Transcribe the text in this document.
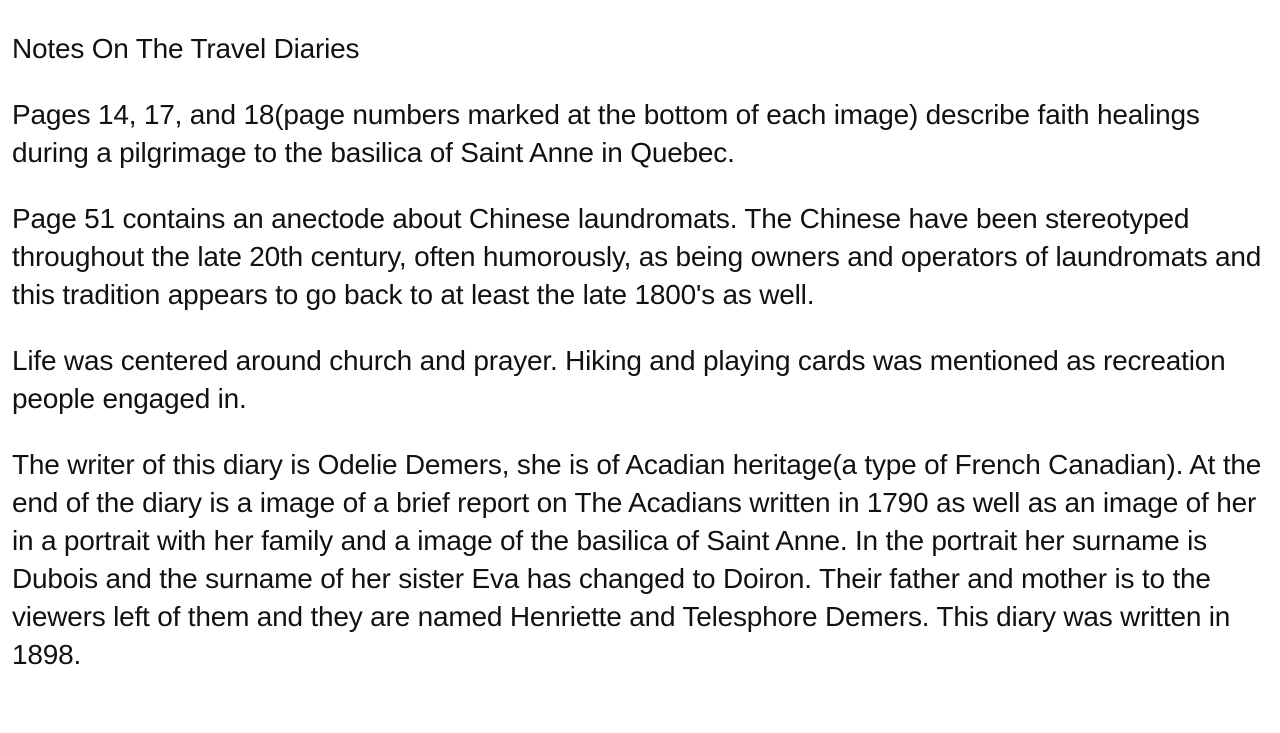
Notes On The Travel Diaries

Pages 14, 17, and 18(page numbers marked at the bottom of each image) describe faith healings during a pilgrimage to the basilica of Saint Anne in Quebec.

Page 51 contains an anectode about Chinese laundromats. The Chinese have been stereotyped throughout the late 20th century, often humorously, as being owners and operators of laundromats and this tradition appears to go back to at least the late 1800's as well.

Life was centered around church and prayer. Hiking and playing cards was mentioned as recreation people engaged in.

The writer of this diary is Odelie Demers, she is of Acadian heritage(a type of French Canadian). At the end of the diary is a image of a brief report on The Acadians written in 1790 as well as an image of her in a portrait with her family and a image of the basilica of Saint Anne. In the portrait her surname is Dubois and the surname of her sister Eva has changed to Doiron. Their father and mother is to the viewers left of them and they are named Henriette and Telesphore Demers. This diary was written in 1898.
